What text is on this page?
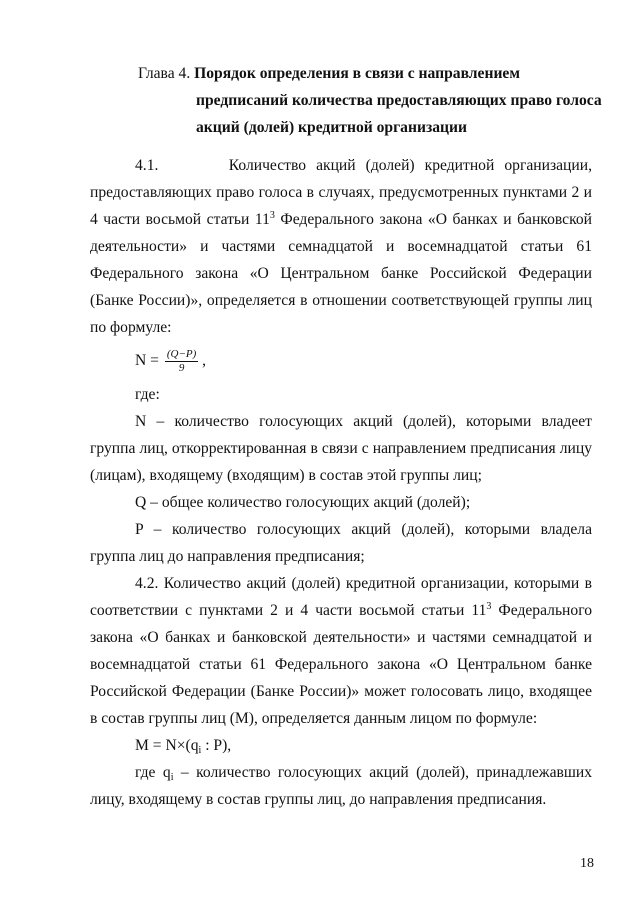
Глава 4. Порядок определения в связи с направлением
предписаний количества предоставляющих право голоса
акций (долей) кредитной организации

4.1.	Количество акций (долей) кредитной организации, предоставляющих право голоса в случаях, предусмотренных пунктами 2 и 4 части восьмой статьи $11^3$ Федерального закона «О банках и банковской деятельности» и частями семнадцатой и восемнадцатой статьи 61 Федерального закона «О Центральном банке Российской Федерации (Банке России)», определяется в отношении соответствующей группы лиц по формуле:

$N = \frac{(Q-P)}{9}$ ,

где:

N – количество голосующих акций (долей), которыми владеет группа лиц, откорректированная в связи с направлением предписания лицу (лицам), входящему (входящим) в состав этой группы лиц;

Q – общее количество голосующих акций (долей);

P – количество голосующих акций (долей), которыми владела группа лиц до направления предписания;

4.2. Количество акций (долей) кредитной организации, которыми в соответствии с пунктами 2 и 4 части восьмой статьи $11^3$ Федерального закона «О банках и банковской деятельности» и частями семнадцатой и восемнадцатой статьи 61 Федерального закона «О Центральном банке Российской Федерации (Банке России)» может голосовать лицо, входящее в состав группы лиц (M), определяется данным лицом по формуле:

$M = N\times(q_i$ : P),

где $q_i$ – количество голосующих акций (долей), принадлежавших лицу, входящему в состав группы лиц, до направления предписания.

18
